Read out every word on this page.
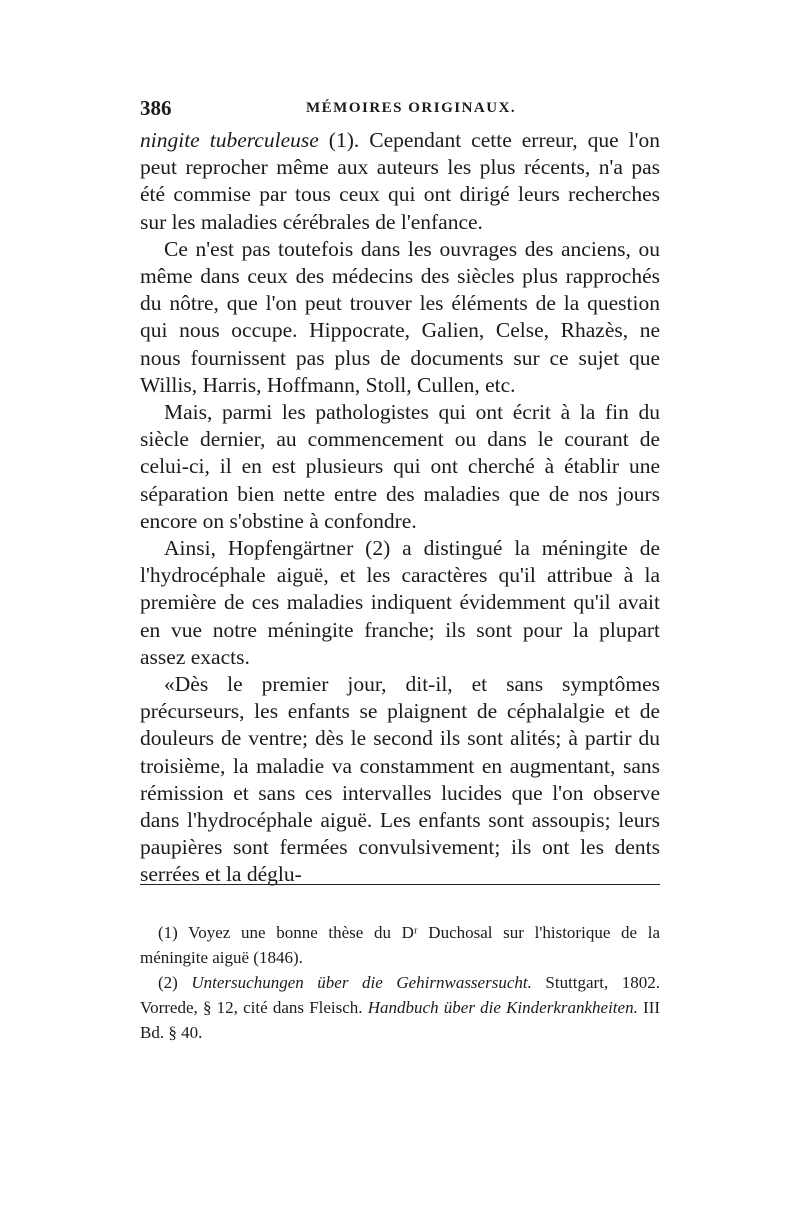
386	MÉMOIRES ORIGINAUX.

ningite tuberculeuse (1). Cependant cette erreur, que l'on peut reprocher même aux auteurs les plus récents, n'a pas été commise par tous ceux qui ont dirigé leurs recherches sur les maladies cérébrales de l'enfance.

Ce n'est pas toutefois dans les ouvrages des anciens, ou même dans ceux des médecins des siècles plus rapprochés du nôtre, que l'on peut trouver les éléments de la question qui nous occupe. Hippocrate, Galien, Celse, Rhazès, ne nous fournissent pas plus de documents sur ce sujet que Willis, Harris, Hoffmann, Stoll, Cullen, etc.

Mais, parmi les pathologistes qui ont écrit à la fin du siècle dernier, au commencement ou dans le courant de celui-ci, il en est plusieurs qui ont cherché à établir une séparation bien nette entre des maladies que de nos jours encore on s'obstine à confondre.

Ainsi, Hopfengärtner (2) a distingué la méningite de l'hydrocéphale aiguë, et les caractères qu'il attribue à la première de ces maladies indiquent évidemment qu'il avait en vue notre méningite franche; ils sont pour la plupart assez exacts.

«Dès le premier jour, dit-il, et sans symptômes précurseurs, les enfants se plaignent de céphalalgie et de douleurs de ventre; dès le second ils sont alités; à partir du troisième, la maladie va constamment en augmentant, sans rémission et sans ces intervalles lucides que l'on observe dans l'hydrocéphale aiguë. Les enfants sont assoupis; leurs paupières sont fermées convulsivement; ils ont les dents serrées et la déglu-

(1) Voyez une bonne thèse du Dʳ Duchosal sur l'historique de la méningite aiguë (1846).

(2) Untersuchungen über die Gehirnwassersucht. Stuttgart, 1802. Vorrede, § 12, cité dans Fleisch. Handbuch über die Kinderkrankheiten. III Bd. § 40.
